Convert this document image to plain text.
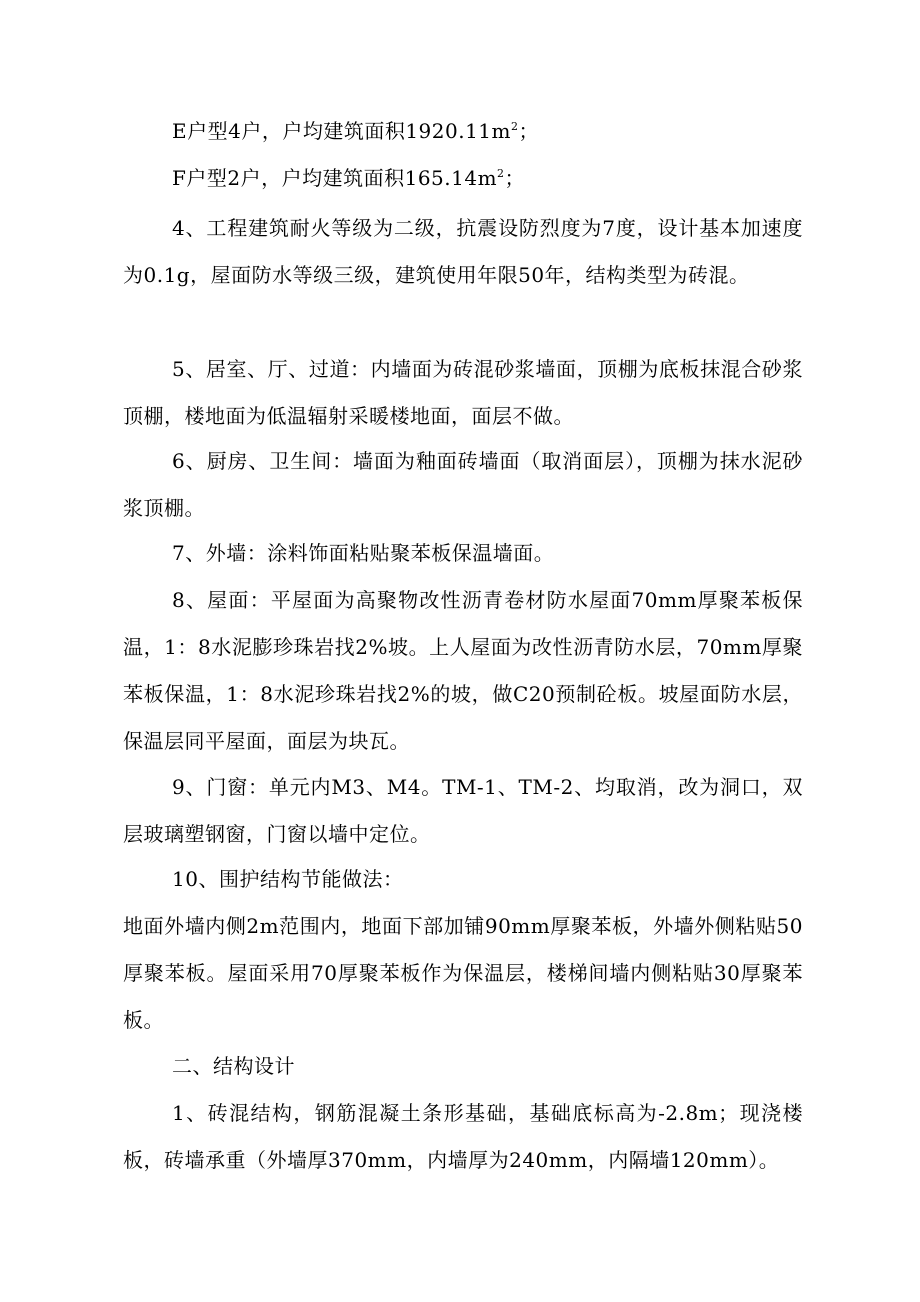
E户型4户，户均建筑面积$1920.11m^2$；

F户型2户，户均建筑面积$165.14m^2$；

4、工程建筑耐火等级为二级，抗震设防烈度为7度，设计基本加速度为0.1g，屋面防水等级三级，建筑使用年限50年，结构类型为砖混。

5、居室、厅、过道：内墙面为砖混砂浆墙面，顶棚为底板抹混合砂浆顶棚，楼地面为低温辐射采暖楼地面，面层不做。

6、厨房、卫生间：墙面为釉面砖墙面（取消面层），顶棚为抹水泥砂浆顶棚。

7、外墙：涂料饰面粘贴聚苯板保温墙面。

8、屋面：平屋面为高聚物改性沥青卷材防水屋面70mm厚聚苯板保温，1：8水泥膨珍珠岩找2%坡。上人屋面为改性沥青防水层，70mm厚聚苯板保温，1：8水泥珍珠岩找2%的坡，做C20预制砼板。坡屋面防水层，保温层同平屋面，面层为块瓦。

9、门窗：单元内M3、M4。TM-1、TM-2、均取消，改为洞口，双层玻璃塑钢窗，门窗以墙中定位。

10、围护结构节能做法：

地面外墙内侧2m范围内，地面下部加铺90mm厚聚苯板，外墙外侧粘贴50厚聚苯板。屋面采用70厚聚苯板作为保温层，楼梯间墙内侧粘贴30厚聚苯板。

二、结构设计

1、砖混结构，钢筋混凝土条形基础，基础底标高为-2.8m；现浇楼板，砖墙承重（外墙厚370mm，内墙厚为240mm，内隔墙120mm）。
